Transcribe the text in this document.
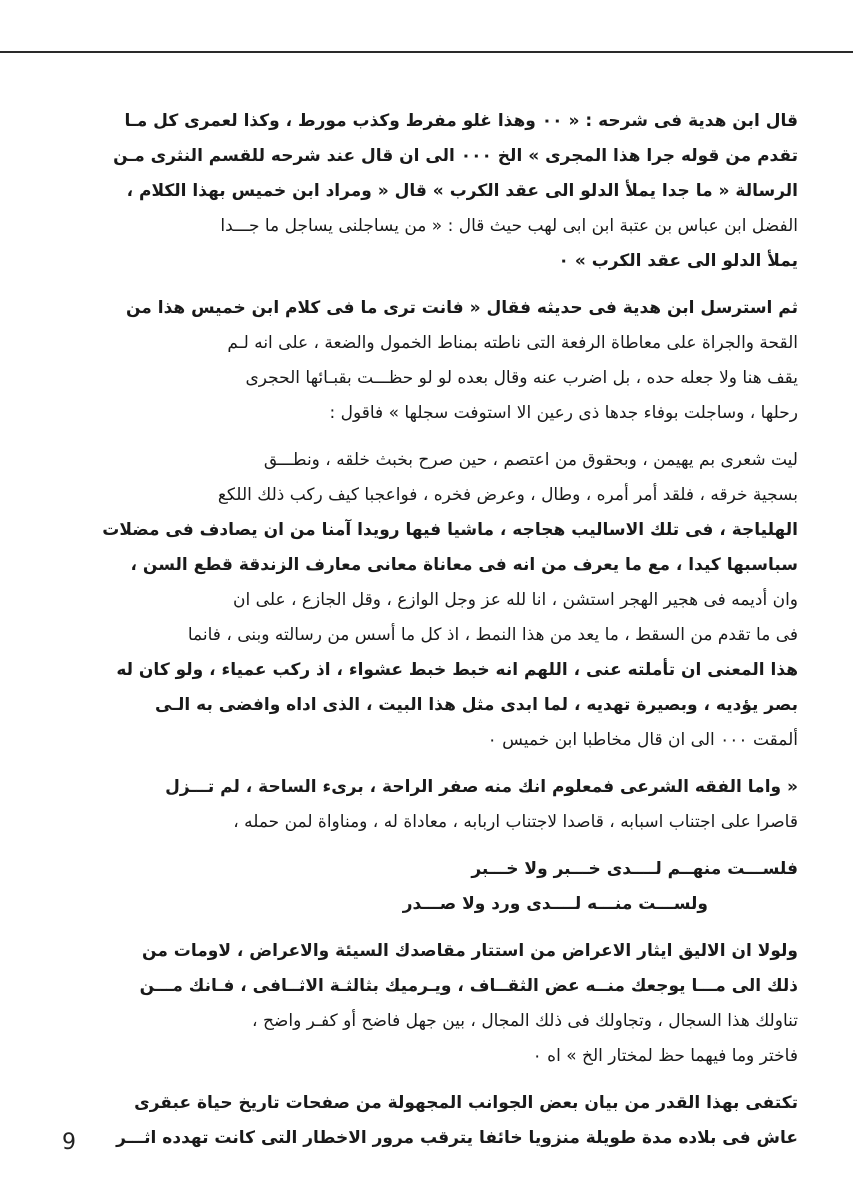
قال ابن هدية فى شرحه : « ٠٠ وهذا غلو مفرط وكذب مورط ، وكذا لعمرى كل مـا
تقدم من قوله جرا هذا المجرى » الخ ٠٠٠ الى ان قال عند شرحه للقسم النثرى مـن
الرسالة « ما جدا يملأ الدلو الى عقد الكرب » قال « ومراد ابن خميس بهذا الكلام ،
الفضل ابن عباس بن عتبة ابن ابى لهب حيث قال : « من يساجلنى يساجل ما جـــدا
يملأ الدلو الى عقد الكرب » ٠
ثم استرسل ابن هدية فى حديثه فقال « فانت ترى ما فى كلام ابن خميس هذا من
القحة والجراة على معاطاة الرفعة التى ناطته بمناط الخمول والضعة ، على انه لـم
يقف هنا ولا جعله حده ، بل اضرب عنه وقال بعده لو لو حظـــت بقبـائها الحجرى
رحلها ، وساجلت بوفاء جدها ذى رعين الا استوفت سجلها » فاقول :
ليت شعرى بم يهيمن ، وبحقوق من اعتصم ، حين صرح بخبث خلقه ، ونطـــق
بسجية خرقه ، فلقد أمر أمره ، وطال ، وعرض فخره ، فواعجبا كيف ركب ذلك اللكع
الهلياجة ، فى تلك الاساليب هجاجه ، ماشيا فيها رويدا آمنا من ان يصادف فى مضلات
سباسبها كيدا ، مع ما يعرف من انه فى معاناة معانى معارف الزندقة قطع السن ،
وان أديمه فى هجير الهجر استشن ، انا لله عز وجل الوازع ، وقل الجازع ، على ان
فى ما تقدم من السقط ، ما يعد من هذا النمط ، اذ كل ما أسس من رسالته وبنى ، فانما
هذا المعنى ان تأملته عنى ، اللهم انه خبط خبط عشواء ، اذ ركب عمياء ، ولو كان له
بصر يؤديه ، وبصيرة تهديه ، لما ابدى مثل هذا البيت ، الذى اداه وافضى به الـى
ألمقت ٠٠٠ الى ان قال مخاطبا ابن خميس ٠
« واما الفقه الشرعى فمعلوم انك منه صفر الراحة ، برىء الساحة ، لم تـــزل
قاصرا على اجتناب اسبابه ، قاصدا لاجتناب اربابه ، معاداة له ، ومناواة لمن حمله ،
فلســـت منهــم لــــدى خـــبر ولا خـــبر
ولســـت منـــه لــــدى ورد ولا صـــدر
ولولا ان الاليق ايثار الاعراض من استتار مقاصدك السيئة والاعراض ، لاومات من
ذلك الى مـــا يوجعك منــه عض الثقــاف ، ويـرميك بثالثـة الاثــافى ، فـانك مـــن
تناولك هذا السجال ، وتجاولك فى ذلك المجال ، بين جهل فاضح أو كفـر واضح ،
فاختر وما فيهما حظ لمختار الخ » اه ٠
تكتفى بهذا القدر من بيان بعض الجوانب المجهولة من صفحات تاريخ حياة عبقرى
عاش فى بلاده مدة طويلة منزويا خائفا يترقب مرور الاخطار التى كانت تهدده اثـــر
9
